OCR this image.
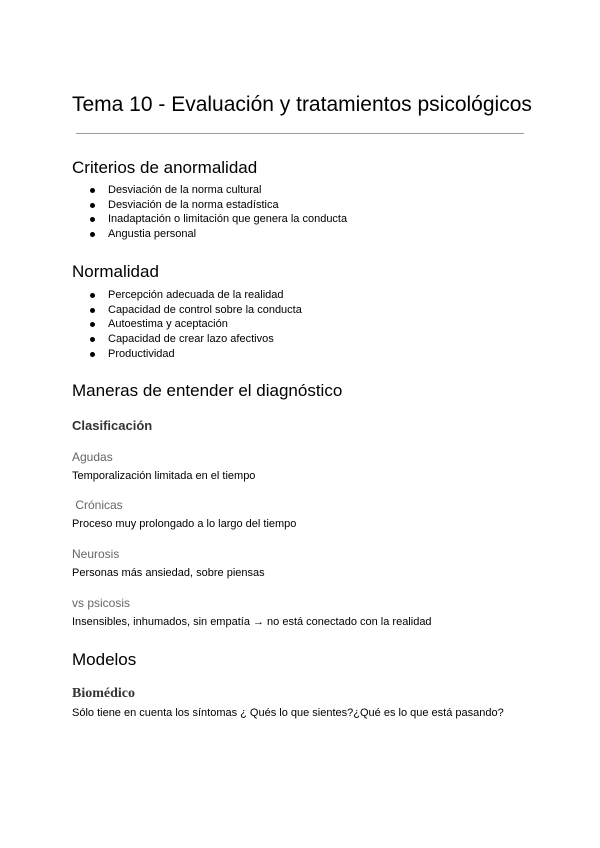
Tema 10 - Evaluación y tratamientos psicológicos
Criterios de anormalidad
Desviación de la norma cultural
Desviación de la norma estadística
Inadaptación o limitación que genera la conducta
Angustia personal
Normalidad
Percepción adecuada de la realidad
Capacidad de control sobre la conducta
Autoestima y aceptación
Capacidad de crear lazo afectivos
Productividad
Maneras de entender el diagnóstico
Clasificación
Agudas

Temporalización limitada en el tiempo

Crónicas

Proceso muy prolongado a lo largo del tiempo

Neurosis

Personas más ansiedad, sobre piensas

vs psicosis

Insensibles, inhumados, sin empatía → no está conectado con la realidad

Modelos
Biomédico

Sólo tiene en cuenta los síntomas ¿ Qués lo que sientes?¿Qué es lo que está pasando?
